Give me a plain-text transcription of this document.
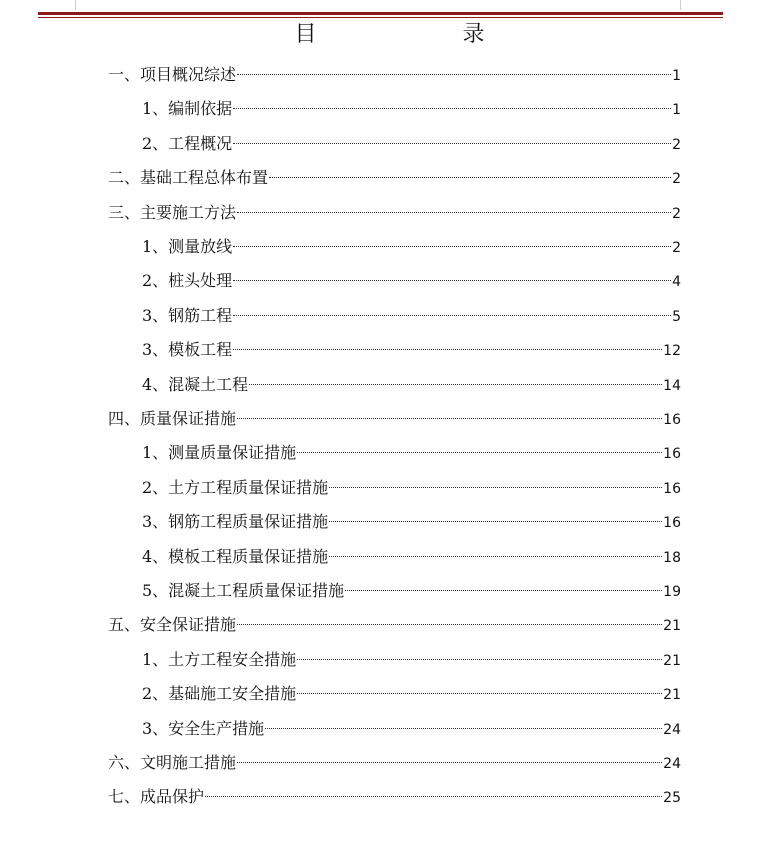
目　录
一、项目概况综述	1
1、编制依据	1
2、工程概况	2
二、基础工程总体布置	2
三、主要施工方法	2
1、测量放线	2
2、桩头处理	4
3、钢筋工程	5
3、模板工程	12
4、混凝土工程	14
四、质量保证措施	16
1、测量质量保证措施	16
2、土方工程质量保证措施	16
3、钢筋工程质量保证措施	16
4、模板工程质量保证措施	18
5、混凝土工程质量保证措施	19
五、安全保证措施	21
1、土方工程安全措施	21
2、基础施工安全措施	21
3、安全生产措施	24
六、文明施工措施	24
七、成品保护	25
